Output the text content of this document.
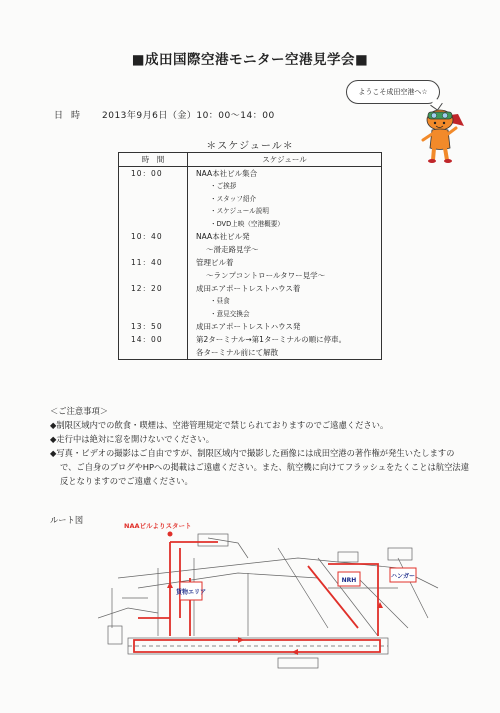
■成田国際空港モニター空港見学会■
ようこそ成田空港へ☆
日時 2013年9月6日（金）10：00～14：00
＊スケジュール＊
時　間	スケジュール
10：00	NAA本社ビル集合
	・ご挨拶
	・スタッフ紹介
	・スケジュール説明
	・DVD上映（空港概要）
10：40	NAA本社ビル発
	～滑走路見学～
11：40	管理ビル着
	～ランプコントロールタワー見学～
12：20	成田エアポートレストハウス着
	・昼食
	・意見交換会
13：50	成田エアポートレストハウス発
14：00	第2ターミナル→第1ターミナルの順に停車。
	各ターミナル前にて解散

＜ご注意事項＞

◆制限区域内での飲食・喫煙は、空港管理規定で禁じられておりますのでご遠慮ください。

◆走行中は絶対に窓を開けないでください。

◆写真・ビデオの撮影はご自由ですが、制限区域内で撮影した画像には成田空港の著作権が発生いたしますので、ご自身のブログやHPへの掲載はご遠慮ください。また、航空機に向けてフラッシュをたくことは航空法違反となりますのでご遠慮ください。

ルート図
貨物エリア
NRH
ハンガー
NAAビルよりスタート
